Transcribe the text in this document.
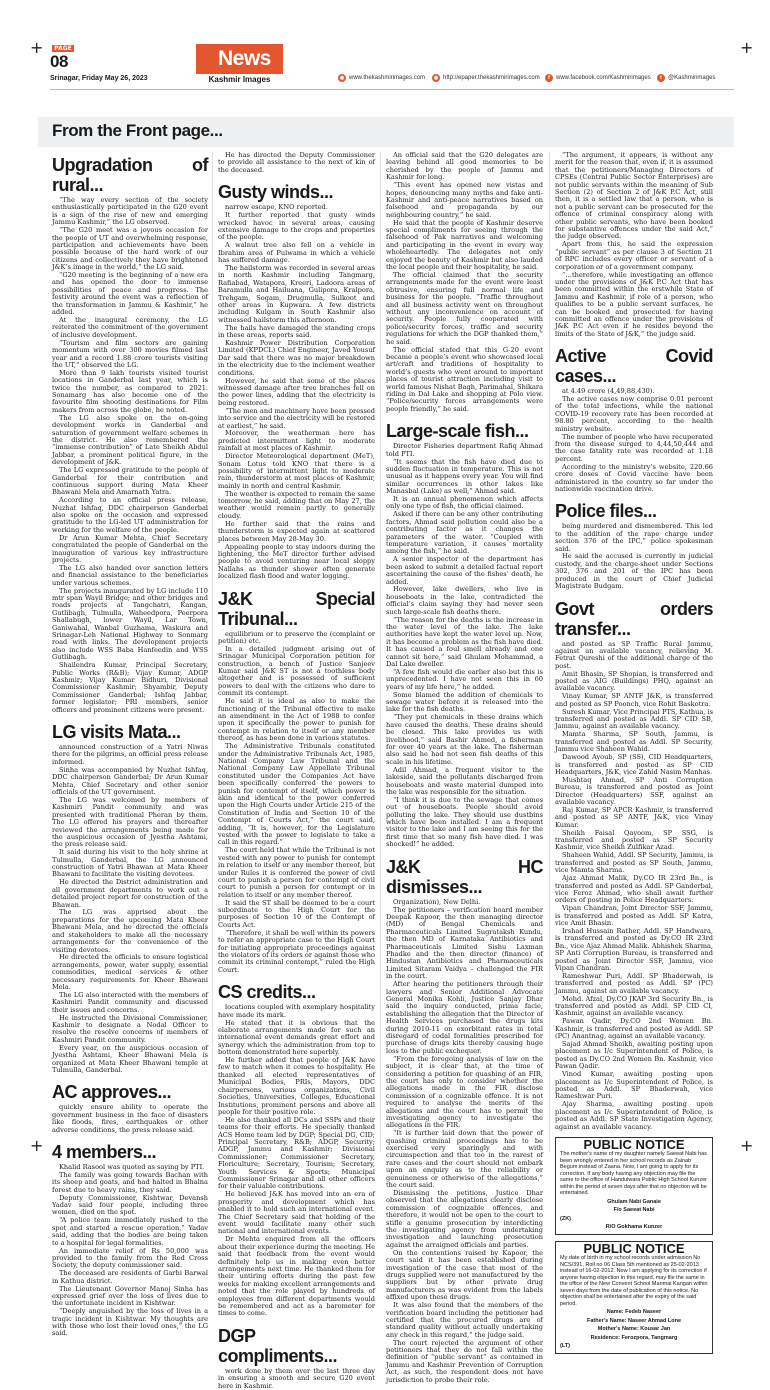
+	+
+	+
PAGE
08
Srinagar, Friday May 26, 2023
News
Kashmir Images	◉ www.thekashmirimages.com	◉ http://epaper.thekashmirimages.com	f	www.facebook.com/Kashmirimages	t	@Kashmirimages
From the Front page...
Upgradation of rural...

“The way every section of the society enthusiastically participated in the G20 event is a sign of the rise of new and emerging Jammu Kashmir,” the LG observed.

“The G20 meet was a joyous occasion for the people of UT and overwhelming response, participation and achievements have been possible because of the hard work of our citizens and collectively they have brightened J&K’s image in the world,” the LG said.

“G20 meeting is the beginning of a new era and has opened the door to immense possibilities of peace and progress. The festivity around the event was a reflection of the transformation in Jammu & Kashmir,” he added.

At the inaugural ceremony, the LG reiterated the commitment of the government of inclusive development.

“Tourism and film sectors are gaining momentum with over 300 movies filmed last year and a record 1.88 crore tourists visiting the UT,” observed the LG.

More than 9 lakh tourists visited tourist locations in Ganderbal last year, which is twice the number, as compared to 2021. Sonamarg has also become one of the favourite film shooting destinations for Film makers from across the globe, he noted.

The LG also spoke on the on-going development works in Ganderbal and saturation of government welfare schemes in the district. He also remembered the “immense contribution” of Late Sheikh Abdul Jabbar, a prominent political figure, in the development of J&K.

The LG expressed gratitude to the people of Ganderbal for their contribution and continuous support during Mata Kheer Bhawani Mela and Amarnath Yatra.

According to an official press release, Nuzhat Ishfaq, DDC chairperson Ganderbal also spoke on the occasion and expressed gratitude to the LG-led UT administration for working for the welfare of the people.

Dr Arun Kumar Mehta, Chief Secretary congratulated the people of Ganderbal on the inauguration of various key infrastructure projects.

The LG also handed over sanction letters and financial assistance to the beneficiaries under various schemes.

The projects inaugurated by LG include 110 mtr span Wayil Bridge; and other bridges and roads projects at Tangchatri, Kangan, Gutlibagh, Tulmulla, Waheedpora, Peerpora Shallabugh, lower Wayil, Lar Town, Ganiwahal, Wanbal Guzhama, Waskura and Srinagar-Leh National Highway to Sonmarg road with links. The development projects also include WSS Baba Hanfeedin and WSS Gutlibagh.

Shailendra Kumar, Principal Secretary, Public Works (R&B); Vijay Kumar, ADGP Kashmir; Vijay Kumar Bidhuri, Divisional Commissioner Kashmir; Shyambir, Deputy Commissioner Ganderbal; Ishfaq Jabbar, former legislator; PRI members, senior officers and prominent citizens were present.

LG visits Mata...

announced construction of a Yatri Niwas there for the pilgrims, an official press release informed.

Sinha was accompanied by Nuzhat Ishfaq, DDC chairperson Ganderbal; Dr Arun Kumar Mehta, Chief Secretary and other senior officials of the UT government.

The LG was welcomed by members of Kashmiri Pandit community and was presented with traditional Pheran by them. The LG offered his prayers and thereafter reviewed the arrangements being made for the auspicious occasion of Jyestha Ashtami, the press release said.

It said during his visit to the holy shrine at Tulmulla, Ganderbal, the LG announced construction of Yatri Bhawan at Mata Kheer Bhawani to facilitate the visiting devotees.

He directed the District administration and all government departments to work out a detailed project report for construction of the Bhawan.

The LG was apprised about the preparations for the upcoming Mata Kheer Bhawani Mela, and he directed the officials and stakeholders to make all the necessary arrangements for the convenience of the visiting devotees.

He directed the officials to ensure logistical arrangements, power, water supply, essential commodities, medical services & other necessary requirements for Kheer Bhawani Mela.

The LG also interacted with the members of Kashmiri Pandit community and discussed their issues and concerns.

He instructed the Divisional Commissioner, Kashmir to designate a Nodal Officer to resolve the resolve concerns of members of Kashmiri Pandit community.

Every year, on the auspicious occasion of Jyestha Ashtami, Kheer Bhawani Mela is organized at Mata Kheer Bhawani temple at Tulmulla, Ganderbal.

AC approves...

quickly ensure ability to operate the government business in the face of disasters like floods, fires, earthquakes or other adverse conditions, the press release said.

4 members...

Khalid Rasool was quoted as saying by PTI.

The family was going towards Bachan with its sheep and goats, and had halted in Bhalna forest due to heavy rains, they said.

Deputy Commissioner, Kishtwar, Devansh Yadav said four people, including three women, died on the spot.

“A police team immediately rushed to the spot and started a rescue operation,” Yadav said, adding that the bodies are being taken to a hospital for legal formalities.

An immediate relief of Rs 50,000 was provided to the family from the Red Cross Society, the deputy commissioner said.

The deceased are residents of Garhi Barwal in Kathua district.

The Lieutenant Governor Manoj Sinha has expressed grief over the loss of lives due to the unfortunate incident in Kishtwar.

“Deeply anguished by the loss of lives in a tragic incident in Kishtwar. My thoughts are with those who lost their loved ones,” the LG said.

He has directed the Deputy Commissioner to provide all assistance to the next of kin of the deceased.

Gusty winds...

narrow escape, KNO reported.

It further reported that gusty winds wrecked havoc in several areas, causing extensive damage to the crops and properties of the people.

A walnut tree also fell on a vehicle in Ibrahim area of Pulwama in which a vehicle has suffered damage.

The hailstorm was recorded in several areas in north Kashmir including Tangmarg, Rafiabad, Watapora, Kreeri, Ladoora areas of Baramulla and Hailuana, Gulipora, Kralpora, Trehgam, Sogam, Drugmulla, Sulkoot and other areas in Kupwara. A few districts including Kulgam in South Kashmir also witnessed hailstorm this afternoon.

The hails have damaged the standing crops in these areas, reports said.

Kashmir Power Distribution Corporation Limited (KPDCL) Chief Engineer, Javed Yousuf Dar said that there was no major breakdown in the electricity due to the inclement weather conditions.

However, he said that some of the places witnessed damage after tree branches fell on the power lines, adding that the electricity is being restored.

“The men and machinery have been pressed into service and the electricity will be restored at earliest,” he said.

Moreover, the weatherman here has predicted intermittent light to moderate rainfall at most places of Kashmir.

Director Meteorological department (MeT), Sonam Lotus told KNO that there is a possibility of intermittent light to moderate rain, thunderstorm at most places of Kashmir, mainly in north and central Kashmir.

The weather is expected to remain the same tomorrow, he said, adding that on May 27, the weather would remain partly to generally cloudy.

He further said that the rains and thunderstorm is expected again at scattered places between May 28-May 30.

Appealing people to stay indoors during the lightening, the MeT director further advised people to avoid venturing near local sloppy Nallahs as thunder shower often generate localized flash flood and water logging.

J&K Special Tribunal...

equilibrium or to preserve the (complaint or petition) etc.

In a detailed judgment arising out of Srinagar Municipal Corporation petition for construction, a bench of Justice Sanjeev Kumar said J&K ST is not a toothless body altogether and is possessed of sufficient powers to deal with the citizens who dare to commit its contempt.

He said it is ideal as also to make the functioning of the Tribunal effective to make an amendment in the Act of 1988 to confer upon it specifically the power to punish for contempt in relation to itself or any member thereof, as has been done in various statutes.

The Administrative Tribunals constituted under the Administrative Tribunals Act, 1985, National Company Law Tribunal and the National Company Law Appellate Tribunal constituted under the Companies Act have been specifically conferred the powers to punish for contempt of itself, which power is akin and identical to the power conferred upon the High Courts under Article 215 of the Constitution of India and Section 10 of the Contempt of Courts Act,” the court said, adding, “It is, however, for the Legislature vested with the power to legislate to take a call in this regard.”

The court held that while the Tribunal is not vested with any power to punish for contempt in relation to itself or any member thereof, but under Rules it is conferred the power of civil court to punish a person for contempt of civil court to punish a person for contempt or in relation to itself or any member thereof.

It said the ST shall be deemed to be a court subordinate to the High Court for the purposes of Section 10 of the Contempt of Courts Act.

“Therefore, it shall be well within its powers to refer an appropriate case to the High Court for initiating appropriate proceedings against the violators of its orders or against those who commit its criminal contempt,” ruled the High Court.

CS credits...

locations coupled with exemplary hospitality have made its mark.

He stated that it is obvious that the elaborate arrangements made for such an international event demands great effort and synergy which the administration from top to bottom demonstrated here superbly.

He further added that people of J&K have few to match when it comes to hospitality. He thanked all elected representatives of Municipal Bodies, PRIs, Mayors, DDC chairpersons, various organizations, Civil Societies, Universities, Colleges, Educational Institutions, prominent persons and above all people for their positive role.

He also thanked all DCs and SSPs and their teams for their efforts. He specially thanked ACS Home team led by DGP; Special DG, CID; Principal Secretary, R&B; ADGP, Security; ADGP, Jammu and Kashmir; Divisional Commissioner; Commissioner Secretary, Floriculture; Secretary, Tourism; Secretary, Youth Services & Sports; Municipal Commissioner Srinagar and all other officers for their valuable contributions.

He believed J&K has moved into an era of prosperity and development which has enabled it to hold such an international event. The Chief Secretary said that holding of the event would facilitate many other such national and international events.

Dr Mehta enquired from all the officers about their experience during the meeting. He said that feedback from the event would definitely help us in making even better arrangements next time. He thanked them for their untiring efforts during the past few weeks for making excellent arrangements and noted that the role played by hundreds of employees from different departments would be remembered and act as a barometer for times to come.

DGP compliments...

work done by them over the last three day in ensuring a smooth and secure G20 event here in Kashmir.

An official said that the G20 delegates are leaving behind all good memories to be cherished by the people of Jammu and Kashmir for long.

“This event has opened new vistas and hopes, denouncing many myths and fake anti-Kashmir and anti-peace narratives based on falsehood and propaganda by our neighbouring country,” he said.

He said that the people of Kashmir deserve special compliments for seeing through the falsehood of Pak narratives and welcoming and participating in the event in every way wholeheartedly. The delegates not only enjoyed the beauty of Kashmir but also lauded the local people and their hospitality, he said.

The official claimed that the security arrangements made for the event were least obtrusive, ensuring full normal life and business for the people. “Traffic throughout and all business activity went on throughout without any inconvenience on account of security. People fully cooperated with police/security forces, traffic and security regulations for which the DGP thanked them,” he said.

The official stated that this G-20 event became a people’s event who showcased local art/craft and traditions of hospitality to world’s guests who went around to important places of tourist attraction including visit to world famous Nishat Bagh, Parimahal, Shikara riding in Dal Lake and shopping at Polo view. “Police/security forces arrangements were people friendly,” he said.

Large-scale fish...

Director Fisheries department Rafiq Ahmad told PTI.

“It seems that the fish have died due to sudden fluctuation in temperature. This is not unusual as it happens every year. You will find similar occurrences in other lakes like Manasbal (Lake) as well,” Ahmad said.

It is an annual phenomenon which affects only one type of fish, the official claimed.

Asked if there can be any other contributing factors, Ahmad said pollution could also be a contributing factor as it changes the parameters of the water. “Coupled with temperature variation, it causes mortality among the fish,” he said.

A senior inspector of the department has been asked to submit a detailed factual report ascertaining the cause of the fishes’ death, he added.

However, lake dwellers, who live in houseboats in the lake, contradicted the official’s claim saying they had never seen such large-scale fish deaths there.

“The reason for the deaths is the increase in the water level of the lake. The lake authorities have kept the water level up. Now, it has become a problem as the fish have died. It has caused a foul smell already and one cannot sit here,” said Ghulam Mohammad, a Dal Lake dweller.

“A few fish would die earlier also but this is unprecedented. I have not seen this in 60 years of my life here,” he added.

Some blamed the addition of chemicals to sewage water before it is released into the lake for the fish deaths.

“They put chemicals in these drains which have caused the deaths. These drains should be closed. This lake provides us with livelihood,” said Bashir Ahmed, a fisherman for over 40 years at the lake. The fisherman also said he had not seen fish deaths of this scale in his lifetime.

Adil Ahmad, a frequent visitor to the lakeside, said the pollutants discharged from houseboats and waste material dumped into the lake was responsible for the situation.

“I think it is due to the sewage that comes out of houseboats. People should avoid polluting the lake. They should use dustbins which have been installed. I am a frequent visitor to the lake and I am seeing this for the first time that so many fish have died. I was shocked!” he added.

J&K HC dismisses...

Organization), New Delhi.

The petitioners – verification board member Deepak Kapoor, the then managing director (MD) of Bengal Chemicals and Pharmaceuticals Limited Sugrataksh Kundu, the then MD of Karnataka Antibiotics and Pharmaceuticals Limited Sishu Laxman Phadke and the then director (finance) of Hindustan Antibiotics and Pharmaceuticals Limited Sitaram Vaidya – challenged the FIR in the court.

After hearing the petitioners through their lawyers and Senior Additional Advocate General Monika Kohli, Justice Sanjay Dhar said the inquiry conducted, prima facie, establishing the allegation that the Director of Health Services purchased the drugs kits during 2010-11 on exorbitant rates in total disregard of codal formalities prescribed for purchase of drugs kits thereby causing huge loss to the public exchequer.

“From the foregoing analysis of law on the subject, it is clear that, at the time of considering a petition for quashing of an FIR, the court has only to consider whether the allegations made in the FIR disclose commission of a cognizable offence. It is not required to analyse the merits of the allegations and the court has to permit the investigating agency to investigate the allegations in the FIR.

“It is further laid down that the power of quashing criminal proceedings has to be exercised very sparingly and with circumspection and that too in the rarest of rare cases and the court should not embark upon an enquiry as to the reliability or genuineness or otherwise of the allegations,” the court said.

Dismissing the petitions, Justice Dhar observed that the allegations clearly disclose commission of cognizable offences, and therefore, it would not be open to the court to stifle a genuine prosecution by interdicting the investigating agency from undertaking investigation and launching prosecution against the arraigned officials and parties.

On the contentions raised by Kapoor, the court said it has been established during investigation of the case that most of the drugs supplied were not manufactured by the suppliers but by other private drug manufacturers as was evident from the labels affixed upon these drugs.

It was also found that the members of the verification board including the petitioner had certified that the procured drugs are of standard quality without actually undertaking any check in this regard,” the judge said.

The court rejected the argument of other petitioners that they do not fall within the definition of “public servant” as contained in Jammu and Kashmir Prevention of Corruption Act, as such, the respondent does not have jurisdiction to probe their role.

“The argument, it appears, is without any merit for the reason that, even if, it is assumed that the petitioners/Managing Directors of CPSEs (Central Public Sector Enterprises) are not public servants within the meaning of Sub Section (2) of Section 2 of J&K P.C Act, still then, it is a settled law that a person, who is not a public servant can be prosecuted for the offence of criminal conspiracy along with other public servants, who have been booked for substantive offences under the said Act,” the judge observed.

Apart from this, he said the expression “public servant” as per clause 3 of Section 21 of RPC includes every officer or servant of a corporation or of a government company.

“…therefore, while investigating an offence under the provisions of J&K P.C Act that has been committed within the erstwhile State of Jammu and Kashmir, if role of a person, who qualifies to be a public servant surfaces, he can be booked and prosecuted for having committed an offence under the provisions of J&K P.C Act even if he resides beyond the limits of the State of J&K,” the judge said.

Active Covid cases...

at 4.49 crore (4,49,88,430).

The active cases now comprise 0.01 percent of the total infections, while the national COVID-19 recovery rate has been recorded at 98.80 percent, according to the health ministry website.

The number of people who have recuperated from the disease surged to 4,44,50,444 and the case fatality rate was recorded at 1.18 percent.

According to the ministry’s website, 220.66 crore doses of Covid vaccine have been administered in the country so far under the nationwide vaccination drive.

Police files...

being murdered and dismembered. This led to the addition of the rape charge under section 376 of the IPC,” police spokesman said.

He said the accused is currently in judicial custody, and the charge-sheet under Sections 302, 376 and 201 of the IPC has been produced in the court of Chief Judicial Magistrate Budgam.

Govt orders transfer...

and posted as SP Traffic Rural Jammu, against an available vacancy, relieving M. Fetrat Qureshi of the additional charge of the post.

Amit Bhasin, SP Shopian, is transferred and posted as AIG (Buildings) PHQ, against an available vacancy.

Vinay Kumar, SP ANTF J&K, is transferred and posted as SP Poonch, vice Rohit Baskotra.

Suresh Kumar, Vice Principal PTS, Kathua, is transferred and posted as Addl. SP CID SB, Jammu, against an available vacancy.

Mamta Sharma, SP South, Jammu, is transferred and posted as Addl. SP Security, Jammu vice Shaheen Wahid.

Dawood Ayoub, SP (SS), CID Headquarters, is transferred and posted as SP CID Headquarters, J&K, vice Zahid Nasim Manhas.

Mushtaq Ahmad, SP Anti Corruption Bureau, is transferred and posted as Joint Director (Headquarters) SSF, against an available vacancy.

Raj Kumar, SP APCR Kashmir, is transferred and posted as SP ANTF, J&K, vice Vinay Kumar.

Sheikh Faisal Qayoom, SP SSG, is transferred and posted as SP Security Kashmir, vice Sheikh Zulfikar Azad.

Shaheen Wahid, Addl. SP Security, Jammu, is transferred and posted as SP South, Jammu, vice Mamta Sharma.

Ajaz Ahmad Malik, Dy.CO IR 23rd Bn., is transferred and posted as Addl. SP Ganderbal, vice Feroz Ahmad, who shall await further orders of posting in Police Headquarters.

Vipan Chandran, Joint Director SSF, Jammu, is transferred and posted as Addl. SP Katra, vice Amit Bhasin.

Irshad Hussain Rather, Addl. SP Handwara, is transferred and posted as Dy.CO IR 23rd Bn., vice Ajaz Ahmad Malik. Abhishek Sharma, SP Anti Corruption Bureau, is transferred and posted as Joint Director SSF, Jammu, vice Vipan Chandran.

Rameshwar Puri, Addl. SP Bhaderwah, is transferred and posted as Addl. SP (PC) Jammu, against an available vacancy.

Mohd. Afzal, Dy.CO JKAP 3rd Security Bn., is transferred and posted as Addl. SP CID CI, Kashmir, against an available vacancy.

Pawan Qadir, Dy.CO 2nd Women Bn. Kashmir, is transferred and posted as Addl. SP (PC) Anantnag, against an available vacancy.

Sajad Ahmad Sheikh, awaiting posting upon placement as I/c Superintendent of Police, is posted as Dy.CO 2nd Women Bn. Kashmir, vice Pawan Qadir.

Vinod Kumar, awaiting posting upon placement as I/c Superintendent of Police, is posted as Addl. SP Bhaderwah, vice Rameshwar Puri.

Ajay Sharma, awaiting posting upon placement as I/c Superintendent of Police, is posted as Addl. SP State Investigation Agency, against an available vacancy.

PUBLIC NOTICE
The mother's name of my daughter namely Saeeat Nabi has been wrongly entered in her school records as Zainab Begum instead of Zaana. Now, I am going to apply for its correction. If any body having any objection may file the same to the office of Handulwara Public High School Kunzer within the period of seven days after that no objection will be entertained.
Ghulam Nabi Ganaie
F/o Saeeat Nabi
(ZK)
R/O Gokhama Kunzer
PUBLIC NOTICE
My date of birth in my school records under admission No NCS/391, Roll no 06 Class 5th mentioned as 25-02-2013 instead of 16-02-2012. Now I am applying for its correction if anyone having objection in this regard, may file the same in the office of the New Convent School Manmai Kangan within seven days from the date of publication of this notice. No objection shall be entertained after the expiry of the said period.
Name: Fedeb Naseer
Father's Name: Naseer Ahmad Lone
Mother's Name: Kousar Jan
Residence: Ferozpora, Tangmarg
(LT)
